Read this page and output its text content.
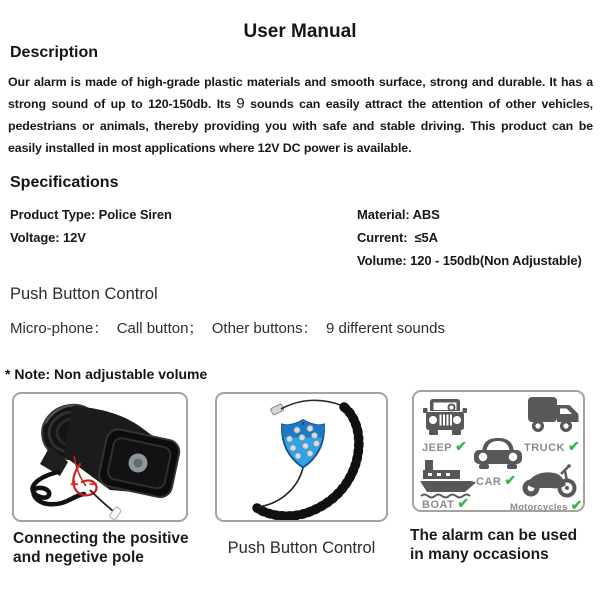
User Manual
Description

Our alarm is made of high-grade plastic materials and smooth surface, strong and durable. It has a strong sound of up to 120-150db. Its 9 sounds can easily attract the attention of other vehicles, pedestrians or animals, thereby providing you with safe and stable driving. This product can be easily installed in most applications where 12V DC power is available.

Specifications
Product Type: Police Siren
Voltage: 12V
Material: ABS
Current:  ≤5A
Volume: 120 - 150db(Non Adjustable)
Push Button Control
Micro-phone：  Call button；  Other buttons：  9 different sounds
* Note: Non adjustable volume
+ −
JEEP ✔	TRUCK ✔
CAR ✔
BOAT ✔	Motorcycles ✔
Connecting the positive
and negetive pole
Push Button Control
The alarm can be used
in many occasions
